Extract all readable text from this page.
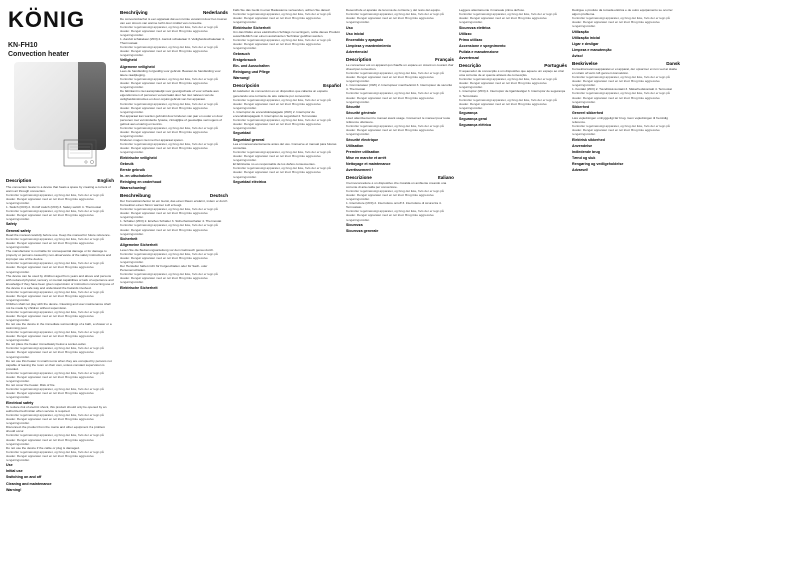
KÖNIG
KN-FH10
Convection heater
Description	English
The convection heater is a device that heats a space by creating a current of warm air through convection.
Kontroller regelmæssigt apparatet, og brug det ikke, hvis der er tegn på skader. Rengør apparatet med en tør klud. Brug ikke aggressive rengøringsmidler.
1. Switch (I/0/II) 2. On/off switch (I/0/II) 3. Safety switch 4. Thermostat
Kontroller regelmæssigt apparatet, og brug det ikke, hvis der er tegn på skader. Rengør apparatet med en tør klud. Brug ikke aggressive rengøringsmidler.
Safety
General safety
Read the manual carefully before use. Keep the manual for future reference.
Kontroller regelmæssigt apparatet, og brug det ikke, hvis der er tegn på skader. Rengør apparatet med en tør klud. Brug ikke aggressive rengøringsmidler.
The manufacturer is not liable for consequential damage or for damage to property or persons caused by non-observance of the safety instructions and improper use of the device.
Kontroller regelmæssigt apparatet, og brug det ikke, hvis der er tegn på skader. Rengør apparatet med en tør klud. Brug ikke aggressive rengøringsmidler.
The device can be used by children aged from years and above and persons with reduced physical, sensory or mental capabilities or lack of experience and knowledge if they have been given supervision or instruction concerning use of the device in a safe way and understand the hazards involved.
Kontroller regelmæssigt apparatet, og brug det ikke, hvis der er tegn på skader. Rengør apparatet med en tør klud. Brug ikke aggressive rengøringsmidler.
Children shall not play with the device. Cleaning and user maintenance shall not be made by children without supervision.
Kontroller regelmæssigt apparatet, og brug det ikke, hvis der er tegn på skader. Rengør apparatet med en tør klud. Brug ikke aggressive rengøringsmidler.
Do not use the device in the immediate surroundings of a bath, a shower or a swimming pool.
Kontroller regelmæssigt apparatet, og brug det ikke, hvis der er tegn på skader. Rengør apparatet med en tør klud. Brug ikke aggressive rengøringsmidler.
Do not place the heater immediately below a socket-outlet.
Kontroller regelmæssigt apparatet, og brug det ikke, hvis der er tegn på skader. Rengør apparatet med en tør klud. Brug ikke aggressive rengøringsmidler.
Do not use this heater in small rooms when they are occupied by persons not capable of leaving the room on their own, unless constant supervision is provided.
Kontroller regelmæssigt apparatet, og brug det ikke, hvis der er tegn på skader. Rengør apparatet med en tør klud. Brug ikke aggressive rengøringsmidler.
Do not cover the heater. Risk of fire.
Kontroller regelmæssigt apparatet, og brug det ikke, hvis der er tegn på skader. Rengør apparatet med en tør klud. Brug ikke aggressive rengøringsmidler.
Electrical safety
To reduce risk of electric shock, this product should only be opened by an authorized technician when service is required.
Kontroller regelmæssigt apparatet, og brug det ikke, hvis der er tegn på skader. Rengør apparatet med en tør klud. Brug ikke aggressive rengøringsmidler.
Disconnect the product from the mains and other equipment if a problem should occur.
Kontroller regelmæssigt apparatet, og brug det ikke, hvis der er tegn på skader. Rengør apparatet med en tør klud. Brug ikke aggressive rengøringsmidler.
Do not use the device if the cable or plug is damaged.
Kontroller regelmæssigt apparatet, og brug det ikke, hvis der er tegn på skader. Rengør apparatet med en tør klud. Brug ikke aggressive rengøringsmidler.
Use
Initial use
Switching on and off
Cleaning and maintenance
Warning!
Beschrijving	Nederlands
De convectorkachel is een apparaat dat een ruimte verwarmt door het creëren van een stroom van warme lucht door middel van convectie.
Kontroller regelmæssigt apparatet, og brug det ikke, hvis der er tegn på skader. Rengør apparatet med en tør klud. Brug ikke aggressive rengøringsmidler.
1. Aan/uit schakelaar (I/0/II) 2. Aan/uit schakelaar 3. Veiligheidsschakelaar 4. Thermostaat
Kontroller regelmæssigt apparatet, og brug det ikke, hvis der er tegn på skader. Rengør apparatet med en tør klud. Brug ikke aggressive rengøringsmidler.
Veiligheid
Algemene veiligheid
Lees de handleiding zorgvuldig voor gebruik. Bewaar de handleiding voor latere raadpleging.
Kontroller regelmæssigt apparatet, og brug det ikke, hvis der er tegn på skader. Rengør apparatet med en tør klud. Brug ikke aggressive rengøringsmidler.
De fabrikant is niet aansprakelijk voor gevolgschade of voor schade aan eigendommen of personen veroorzaakt door het niet naleven van de veiligheidsinstructies en door onjuist gebruik van het apparaat.
Kontroller regelmæssigt apparatet, og brug det ikke, hvis der er tegn på skader. Rengør apparatet med en tør klud. Brug ikke aggressive rengøringsmidler.
Het apparaat kan worden gebruikt door kinderen van jaar en ouder en door personen met verminderde fysieke, zintuiglijke of geestelijke vermogens of gebrek aan ervaring en kennis.
Kontroller regelmæssigt apparatet, og brug det ikke, hvis der er tegn på skader. Rengør apparatet med en tør klud. Brug ikke aggressive rengøringsmidler.
Kinderen mogen niet met het apparaat spelen.
Kontroller regelmæssigt apparatet, og brug det ikke, hvis der er tegn på skader. Rengør apparatet med en tør klud. Brug ikke aggressive rengøringsmidler.
Elektrische veiligheid
Gebruik
Eerste gebruik
In- en uitschakelen
Reiniging en onderhoud
Waarschuwing!
Beschreibung	Deutsch
Der Konvektionsheizer ist ein Gerät, das einen Raum erwärmt, indem er durch Konvektion einen Strom warmer Luft erzeugt.
Kontroller regelmæssigt apparatet, og brug det ikke, hvis der er tegn på skader. Rengør apparatet med en tør klud. Brug ikke aggressive rengøringsmidler.
1. Schalter (I/0/II) 2. Ein/Aus Schalter 3. Sicherheitsschalter 4. Thermostat
Kontroller regelmæssigt apparatet, og brug det ikke, hvis der er tegn på skader. Rengør apparatet med en tør klud. Brug ikke aggressive rengøringsmidler.
Sicherheit
Allgemeine Sicherheit
Lesen Sie die Bedienungsanleitung vor dem Gebrauch genau durch.
Kontroller regelmæssigt apparatet, og brug det ikke, hvis der er tegn på skader. Rengør apparatet med en tør klud. Brug ikke aggressive rengøringsmidler.
Der Hersteller haftet nicht für Folgeschäden oder für Sach- oder Personenschäden.
Kontroller regelmæssigt apparatet, og brug det ikke, hvis der er tegn på skader. Rengør apparatet med en tør klud. Brug ikke aggressive rengøringsmidler.
Elektrische Sicherheit
Falls Sie das Gerät in einer Badewanne verwenden, achten Sie darauf.
Kontroller regelmæssigt apparatet, og brug det ikke, hvis der er tegn på skader. Rengør apparatet med en tør klud. Brug ikke aggressive rengøringsmidler.
Elektrische Sicherheit
Um das Risiko eines elektrischen Schlags zu verringern, sollte dieses Produkt ausschließlich von einem autorisierten Techniker geöffnet werden.
Kontroller regelmæssigt apparatet, og brug det ikke, hvis der er tegn på skader. Rengør apparatet med en tør klud. Brug ikke aggressive rengøringsmidler.
Gebrauch
Erstgebrauch
Ein- und Ausschalten
Reinigung und Pflege
Warnung!
Descripción	Español
El calefactor de convección es un dispositivo que calienta un espacio generando una corriente de aire caliente por convección.
Kontroller regelmæssigt apparatet, og brug det ikke, hvis der er tegn på skader. Rengør apparatet med en tør klud. Brug ikke aggressive rengøringsmidler.
1. Interruptor de encendido/apagado (I/0/II) 2. Interruptor de encendido/apagado 3. Interruptor de seguridad 4. Termostato
Kontroller regelmæssigt apparatet, og brug det ikke, hvis der er tegn på skader. Rengør apparatet med en tør klud. Brug ikke aggressive rengøringsmidler.
Seguridad
Seguridad general
Lea el manual atentamente antes del uso. Conserve el manual para futuras consultas.
Kontroller regelmæssigt apparatet, og brug det ikke, hvis der er tegn på skader. Rengør apparatet med en tør klud. Brug ikke aggressive rengøringsmidler.
El fabricante no es responsable de los daños consecuentes.
Kontroller regelmæssigt apparatet, og brug det ikke, hvis der er tegn på skader. Rengør apparatet med en tør klud. Brug ikke aggressive rengøringsmidler.
Seguridad eléctrica
Desenchufe el aparato de la toma de corriente y del resto del equipo.
Kontroller regelmæssigt apparatet, og brug det ikke, hvis der er tegn på skader. Rengør apparatet med en tør klud. Brug ikke aggressive rengøringsmidler.
Uso
Uso inicial
Encendido y apagado
Limpieza y mantenimiento
Advertencia!
Description	Français
Le convecteur est un appareil qui chauffe un espace en créant un courant d'air chaud par convection.
Kontroller regelmæssigt apparatet, og brug det ikke, hvis der er tegn på skader. Rengør apparatet med en tør klud. Brug ikke aggressive rengøringsmidler.
1. Commutateur (I/0/II) 2. Interrupteur marche/arrêt 3. Interrupteur de sécurité 4. Thermostat
Kontroller regelmæssigt apparatet, og brug det ikke, hvis der er tegn på skader. Rengør apparatet med en tør klud. Brug ikke aggressive rengøringsmidler.
Sécurité
Sécurité générale
Lisez attentivement le manuel avant usage. Conservez le manuel pour toute référence ultérieure.
Kontroller regelmæssigt apparatet, og brug det ikke, hvis der er tegn på skader. Rengør apparatet med en tør klud. Brug ikke aggressive rengøringsmidler.
Sécurité électrique
Utilisation
Première utilisation
Mise en marche et arrêt
Nettoyage et maintenance
Avertissement !
Descrizione	Italiano
Il termoconvettore è un dispositivo che riscalda un ambiente creando una corrente di aria calda per convezione.
Kontroller regelmæssigt apparatet, og brug det ikke, hvis der er tegn på skader. Rengør apparatet med en tør klud. Brug ikke aggressive rengøringsmidler.
1. Interruttore (I/0/II) 2. Interruttore on/off 3. Interruttore di sicurezza 4. Termostato
Kontroller regelmæssigt apparatet, og brug det ikke, hvis der er tegn på skader. Rengør apparatet med en tør klud. Brug ikke aggressive rengøringsmidler.
Sicurezza
Sicurezza generale
Leggere attentamente il manuale prima dell'uso.
Kontroller regelmæssigt apparatet, og brug det ikke, hvis der er tegn på skader. Rengør apparatet med en tør klud. Brug ikke aggressive rengøringsmidler.
Sicurezza elettrica
Utilizzo
Primo utilizzo
Accensione e spegnimento
Pulizia e manutenzione
Avvertenza!
Descrição	Português
O aquecedor de convecção é um dispositivo que aquece um espaço ao criar uma corrente de ar quente através da convecção.
Kontroller regelmæssigt apparatet, og brug det ikke, hvis der er tegn på skader. Rengør apparatet med en tør klud. Brug ikke aggressive rengøringsmidler.
1. Interruptor (I/0/II) 2. Interruptor de ligar/desligar 3. Interruptor de segurança 4. Termóstato
Kontroller regelmæssigt apparatet, og brug det ikke, hvis der er tegn på skader. Rengør apparatet med en tør klud. Brug ikke aggressive rengøringsmidler.
Segurança
Segurança geral
Segurança elétrica
Desligue o produto da tomada elétrica e de outro equipamento se ocorrer algum problema.
Kontroller regelmæssigt apparatet, og brug det ikke, hvis der er tegn på skader. Rengør apparatet med en tør klud. Brug ikke aggressive rengøringsmidler.
Utilização
Utilização inicial
Ligar e desligar
Limpeza e manutenção
Aviso!
Beskrivelse	Dansk
Konvektionsvarmeapparatet er et apparat, der opvarmer et rum ved at skabe en strøm af varm luft gennem konvektion.
Kontroller regelmæssigt apparatet, og brug det ikke, hvis der er tegn på skader. Rengør apparatet med en tør klud. Brug ikke aggressive rengøringsmidler.
1. Kontakt (I/0/II) 2. Tænd/sluk-kontakt 3. Sikkerhedskontakt 4. Termostat
Kontroller regelmæssigt apparatet, og brug det ikke, hvis der er tegn på skader. Rengør apparatet med en tør klud. Brug ikke aggressive rengøringsmidler.
Sikkerhed
Generel sikkerhed
Læs vejledningen omhyggeligt før brug. Gem vejledningen til fremtidig reference.
Kontroller regelmæssigt apparatet, og brug det ikke, hvis der er tegn på skader. Rengør apparatet med en tør klud. Brug ikke aggressive rengøringsmidler.
Elektrisk sikkerhed
Anvendelse
Indledende brug
Tænd og sluk
Rengøring og vedligeholdelse
Advarsel!
